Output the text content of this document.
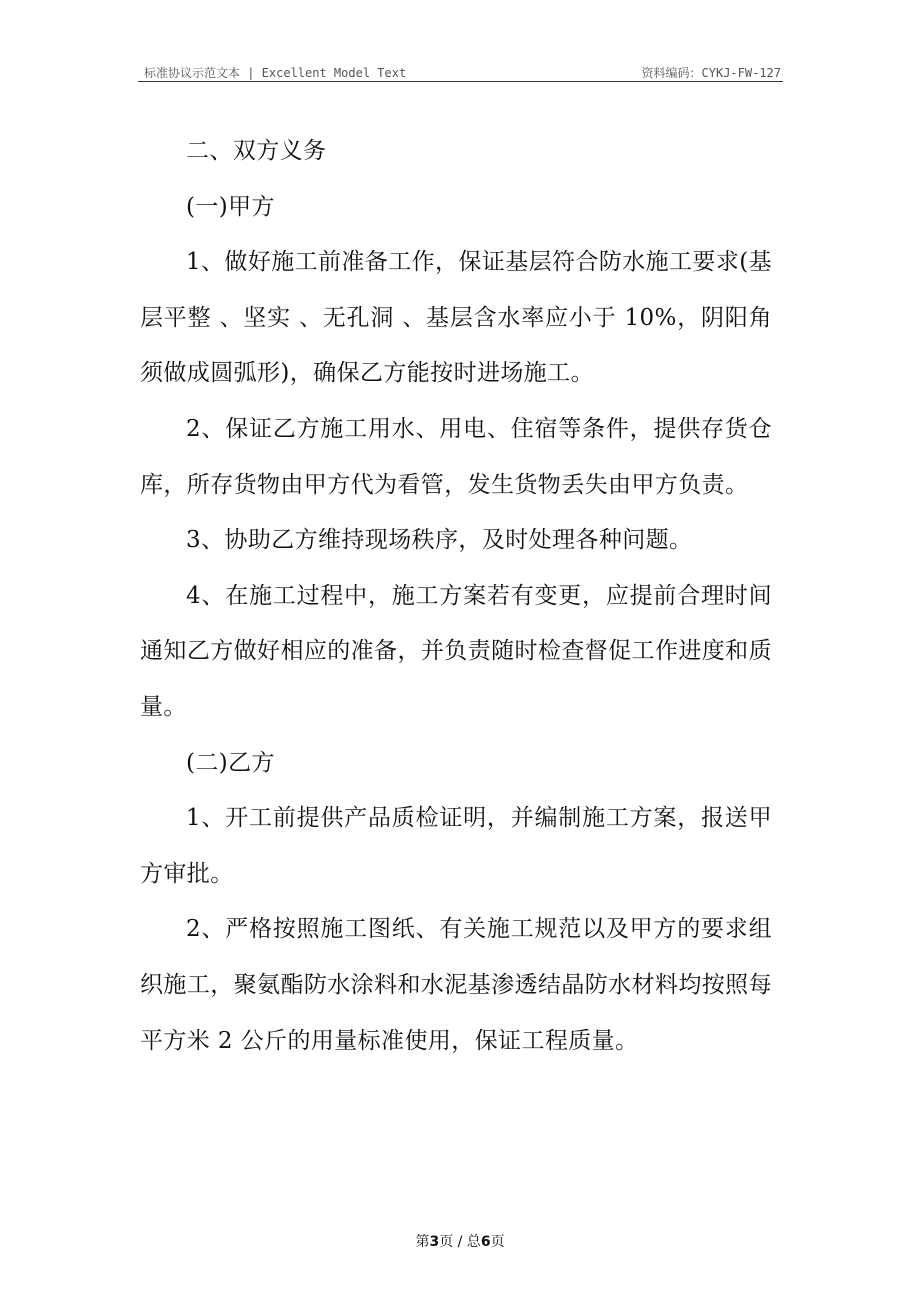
标准协议示范文本 | Excellent Model Text	资料编码：CYKJ-FW-127

二、双方义务

(一)甲方

1、做好施工前准备工作，保证基层符合防水施工要求(基层平整 、坚实 、无孔洞 、基层含水率应小于 10%，阴阳角须做成圆弧形)，确保乙方能按时进场施工。

2、保证乙方施工用水、用电、住宿等条件，提供存货仓库，所存货物由甲方代为看管，发生货物丢失由甲方负责。

3、协助乙方维持现场秩序，及时处理各种问题。

4、在施工过程中，施工方案若有变更，应提前合理时间通知乙方做好相应的准备，并负责随时检查督促工作进度和质量。

(二)乙方

1、开工前提供产品质检证明，并编制施工方案，报送甲方审批。

2、严格按照施工图纸、有关施工规范以及甲方的要求组织施工，聚氨酯防水涂料和水泥基渗透结晶防水材料均按照每平方米 2 公斤的用量标准使用，保证工程质量。

第3页 / 总6页
